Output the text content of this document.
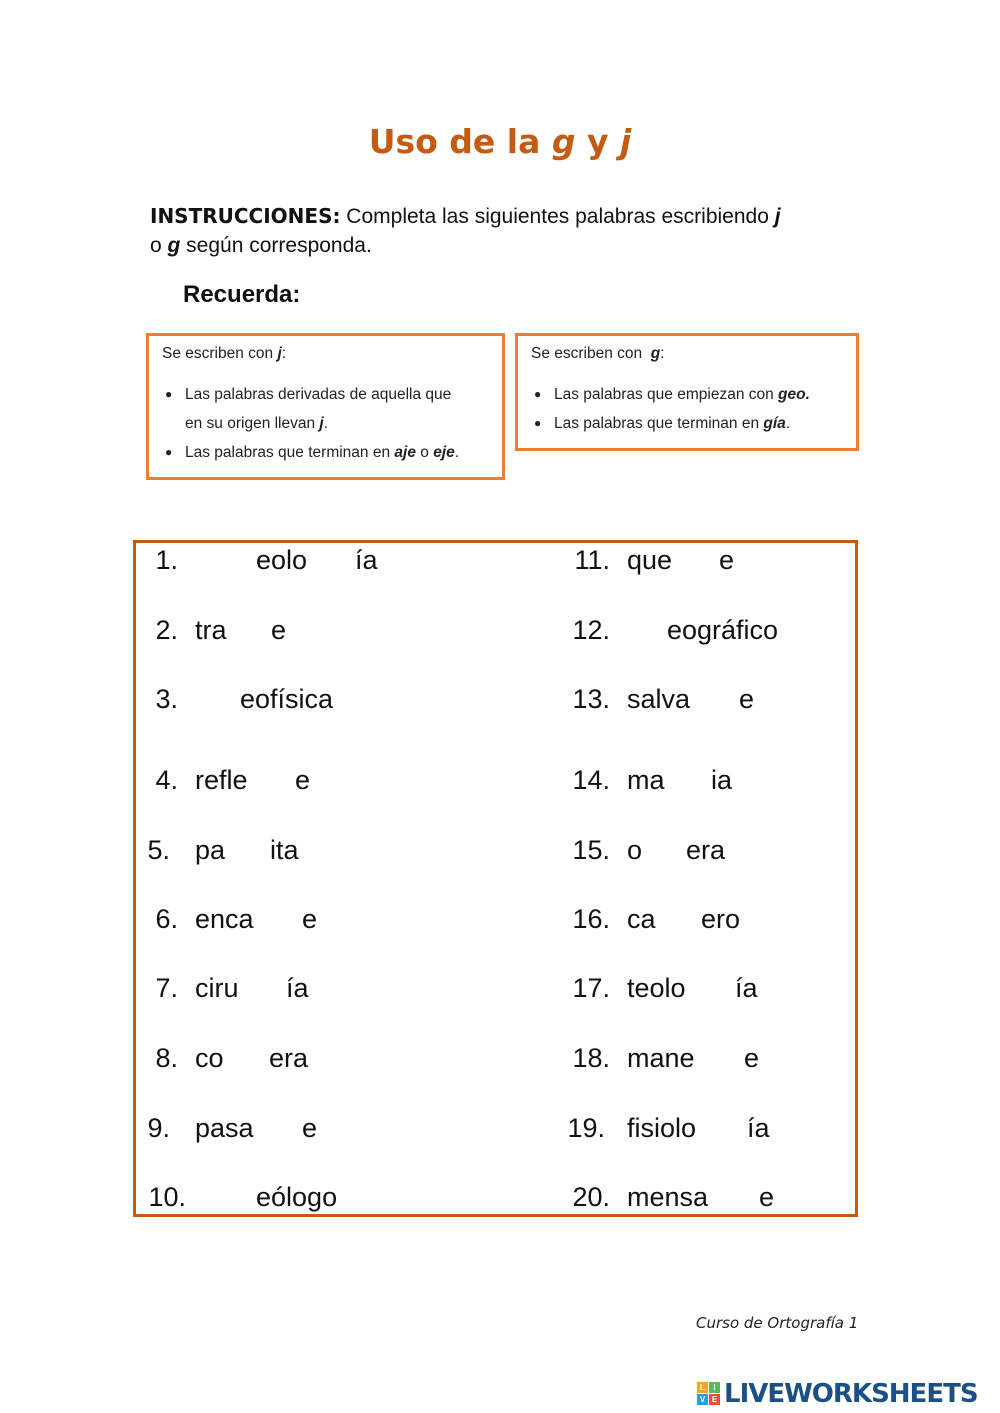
Uso de la g y j
INSTRUCCIONES: Completa las siguientes palabras escribiendo j
o g según corresponda.
Recuerda:
Se escriben con j:
● Las palabras derivadas de aquella que
en su origen llevan j.
● Las palabras que terminan en aje o eje.
Se escriben con  g:
● Las palabras que empiezan con geo.
● Las palabras que terminan en gía.
1.	eolo ía
2. tra e
3. eofísica
4. refle e
5. pa ita
6. enca e
7. ciru ía
8. co era
9. pasa e
10.	eólogo
11. que e
12. eográfico
13. salva e
14. ma ia
15. o era
16. ca ero
17. teolo ía
18. mane e
19. fisiolo ía
20. mensa e
Curso de Ortografía 1
L	I
V E LIVEWORKSHEETS
